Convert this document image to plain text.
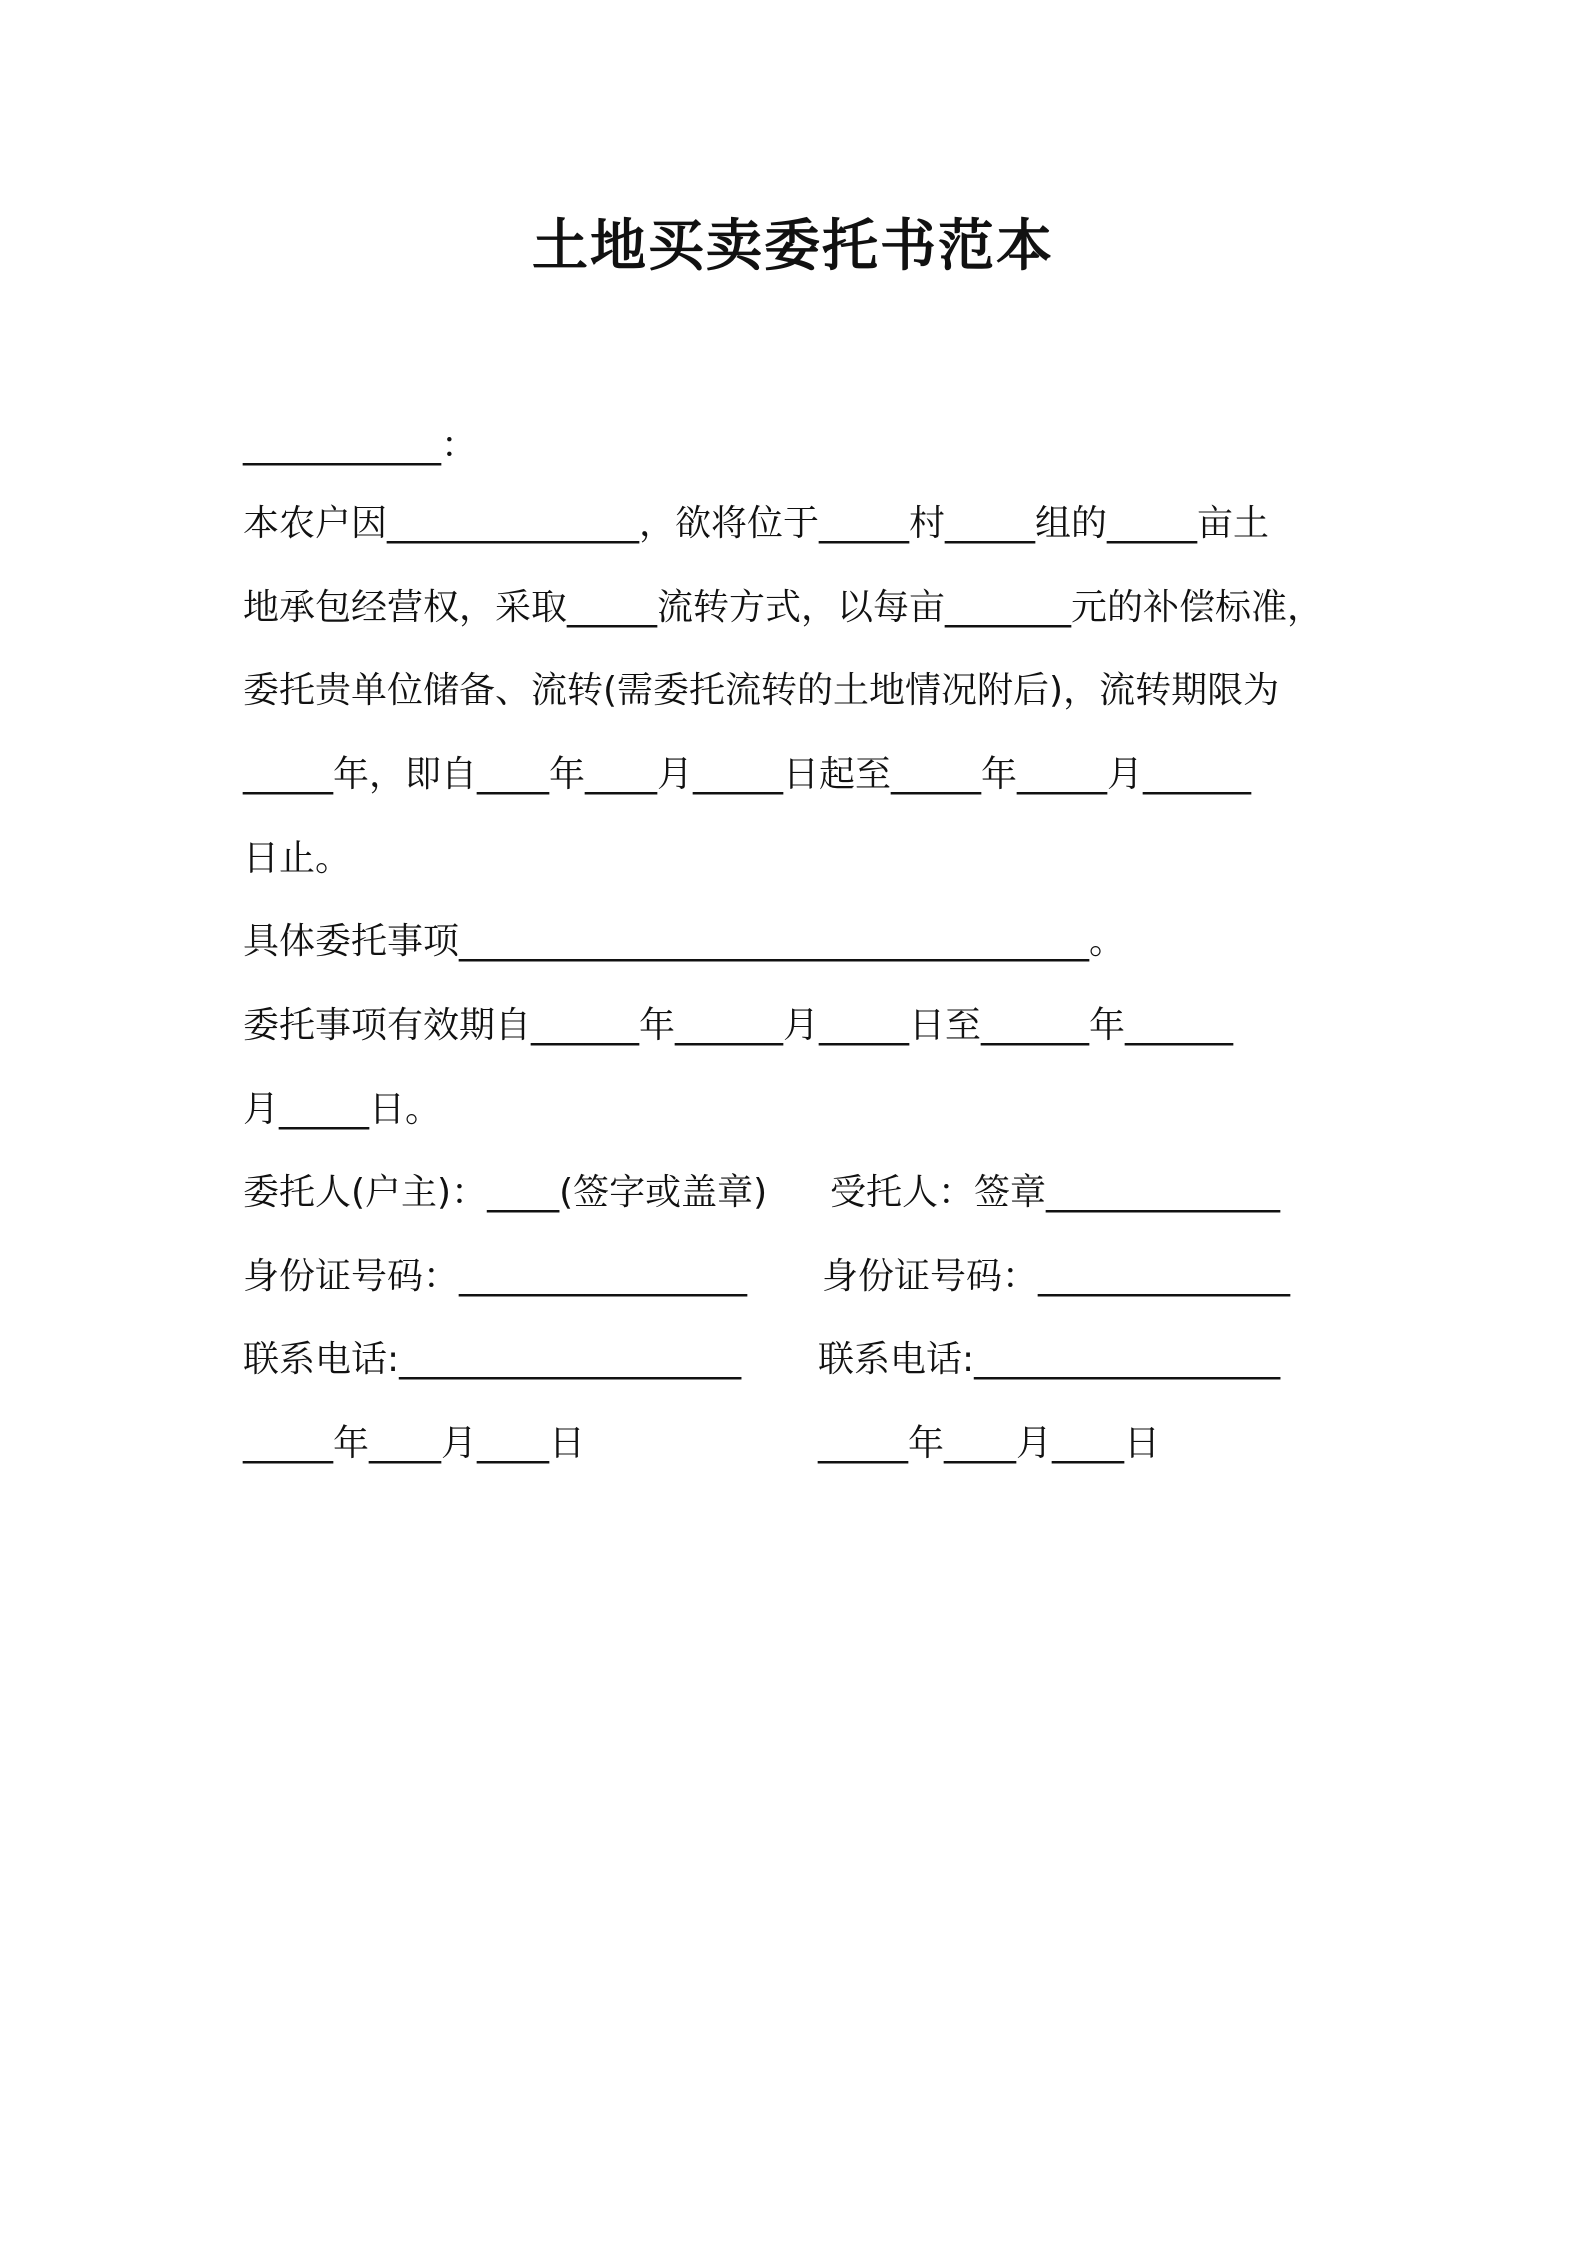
土地买卖委托书范本
___________：
本农户因______________，欲将位于_____村_____组的_____亩土
地承包经营权，采取_____流转方式，以每亩_______元的补偿标准，
委托贵单位储备、流转(需委托流转的土地情况附后)，流转期限为
_____年，即自____年____月_____日起至_____年_____月______
日止。
具体委托事项___________________________________。
委托事项有效期自______年______月_____日至______年______
月_____日。
委托人(户主)：____(签字或盖章) 受托人：签章_____________
身份证号码：________________ 身份证号码：______________
联系电话:___________________ 联系电话:_________________
_____年____月____日	_____年____月____日
